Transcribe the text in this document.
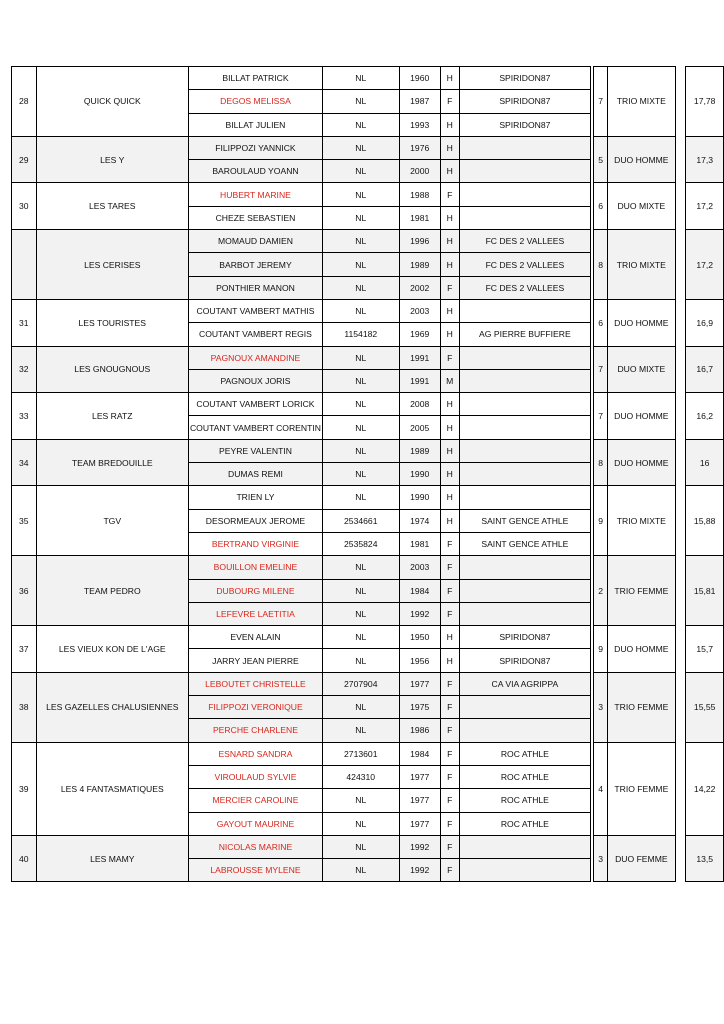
28	QUICK QUICK	BILLAT PATRICK	NL	1960	H	SPIRIDON87		7	TRIO MIXTE		17,78
		DEGOS MELISSA	NL	1987	F	SPIRIDON87					
		BILLAT JULIEN	NL	1993	H	SPIRIDON87					
29	LES Y	FILIPPOZI YANNICK	NL	1976	H			5	DUO HOMME		17,3
		BAROULAUD YOANN	NL	2000	H						
30	LES TARES	HUBERT MARINE	NL	1988	F			6	DUO MIXTE		17,2
		CHEZE SEBASTIEN	NL	1981	H						
	LES CERISES	MOMAUD DAMIEN	NL	1996	H	FC DES 2 VALLEES		8	TRIO MIXTE		17,2
		BARBOT JEREMY	NL	1989	H	FC DES 2 VALLEES					
		PONTHIER MANON	NL	2002	F	FC DES 2 VALLEES					
31	LES TOURISTES	COUTANT VAMBERT MATHIS	NL	2003	H			6	DUO HOMME		16,9
		COUTANT VAMBERT REGIS	1154182	1969	H	AG PIERRE BUFFIERE					
32	LES GNOUGNOUS	PAGNOUX AMANDINE	NL	1991	F			7	DUO MIXTE		16,7
		PAGNOUX JORIS	NL	1991	M						
33	LES RATZ	COUTANT VAMBERT LORICK	NL	2008	H			7	DUO HOMME		16,2
		COUTANT VAMBERT CORENTIN	NL	2005	H						
34	TEAM BREDOUILLE	PEYRE VALENTIN	NL	1989	H			8	DUO HOMME		16
		DUMAS REMI	NL	1990	H						
35	TGV	TRIEN LY	NL	1990	H			9	TRIO MIXTE		15,88
		DESORMEAUX JEROME	2534661	1974	H	SAINT GENCE ATHLE					
		BERTRAND VIRGINIE	2535824	1981	F	SAINT GENCE ATHLE					
36	TEAM PEDRO	BOUILLON EMELINE	NL	2003	F			2	TRIO FEMME		15,81
		DUBOURG MILENE	NL	1984	F						
		LEFEVRE LAETITIA	NL	1992	F						
37	LES VIEUX KON DE L'AGE	EVEN ALAIN	NL	1950	H	SPIRIDON87		9	DUO HOMME		15,7
		JARRY JEAN PIERRE	NL	1956	H	SPIRIDON87					
38	LES GAZELLES CHALUSIENNES	LEBOUTET CHRISTELLE	2707904	1977	F	CA VIA AGRIPPA		3	TRIO FEMME		15,55
		FILIPPOZI VERONIQUE	NL	1975	F						
		PERCHE CHARLENE	NL	1986	F						
39	LES 4 FANTASMATIQUES	ESNARD SANDRA	2713601	1984	F	ROC ATHLE		4	TRIO FEMME		14,22
		VIROULAUD SYLVIE	424310	1977	F	ROC ATHLE					
		MERCIER CAROLINE	NL	1977	F	ROC ATHLE					
		GAYOUT MAURINE	NL	1977	F	ROC ATHLE					
40	LES MAMY	NICOLAS MARINE	NL	1992	F			3	DUO FEMME		13,5
		LABROUSSE MYLENE	NL	1992	F						
